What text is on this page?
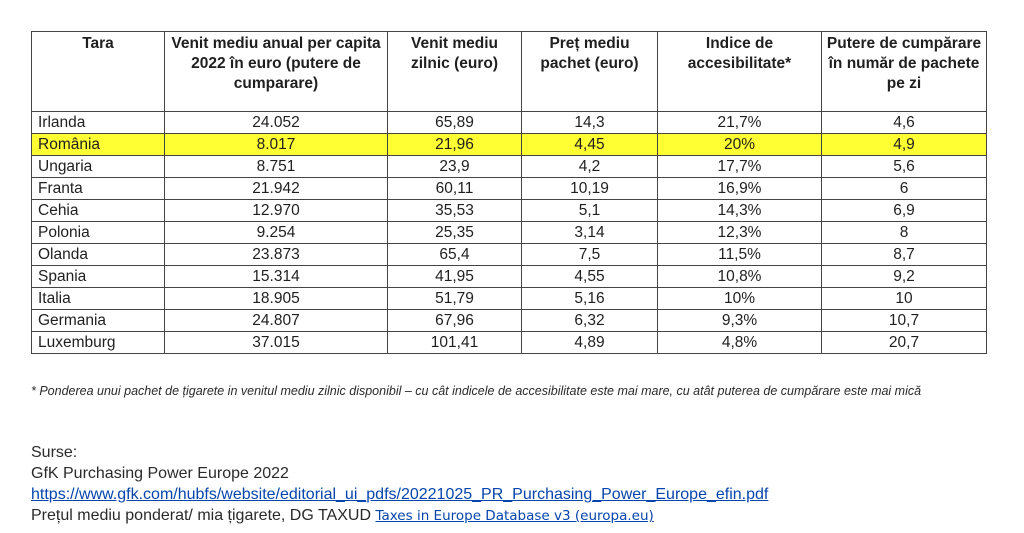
Tara	Venit mediu anual per capita 2022 în euro (putere de cumparare)	Venit mediu zilnic (euro)	Preț mediu pachet (euro)	Indice de accesibilitate*	Putere de cumpărare în număr de pachete pe zi
Irlanda	24.052	65,89	14,3	21,7%	4,6
România	8.017	21,96	4,45	20%	4,9
Ungaria	8.751	23,9	4,2	17,7%	5,6
Franta	21.942	60,11	10,19	16,9%	6
Cehia	12.970	35,53	5,1	14,3%	6,9
Polonia	9.254	25,35	3,14	12,3%	8
Olanda	23.873	65,4	7,5	11,5%	8,7
Spania	15.314	41,95	4,55	10,8%	9,2
Italia	18.905	51,79	5,16	10%	10
Germania	24.807	67,96	6,32	9,3%	10,7
Luxemburg	37.015	101,41	4,89	4,8%	20,7
* Ponderea unui pachet de țigarete in venitul mediu zilnic disponibil – cu cât indicele de accesibilitate este mai mare, cu atât puterea de cumpărare este mai mică
Surse:
GfK Purchasing Power Europe 2022
https://www.gfk.com/hubfs/website/editorial_ui_pdfs/20221025_PR_Purchasing_Power_Europe_efin.pdf
Prețul mediu ponderat/ mia țigarete, DG TAXUD Taxes in Europe Database v3 (europa.eu)
